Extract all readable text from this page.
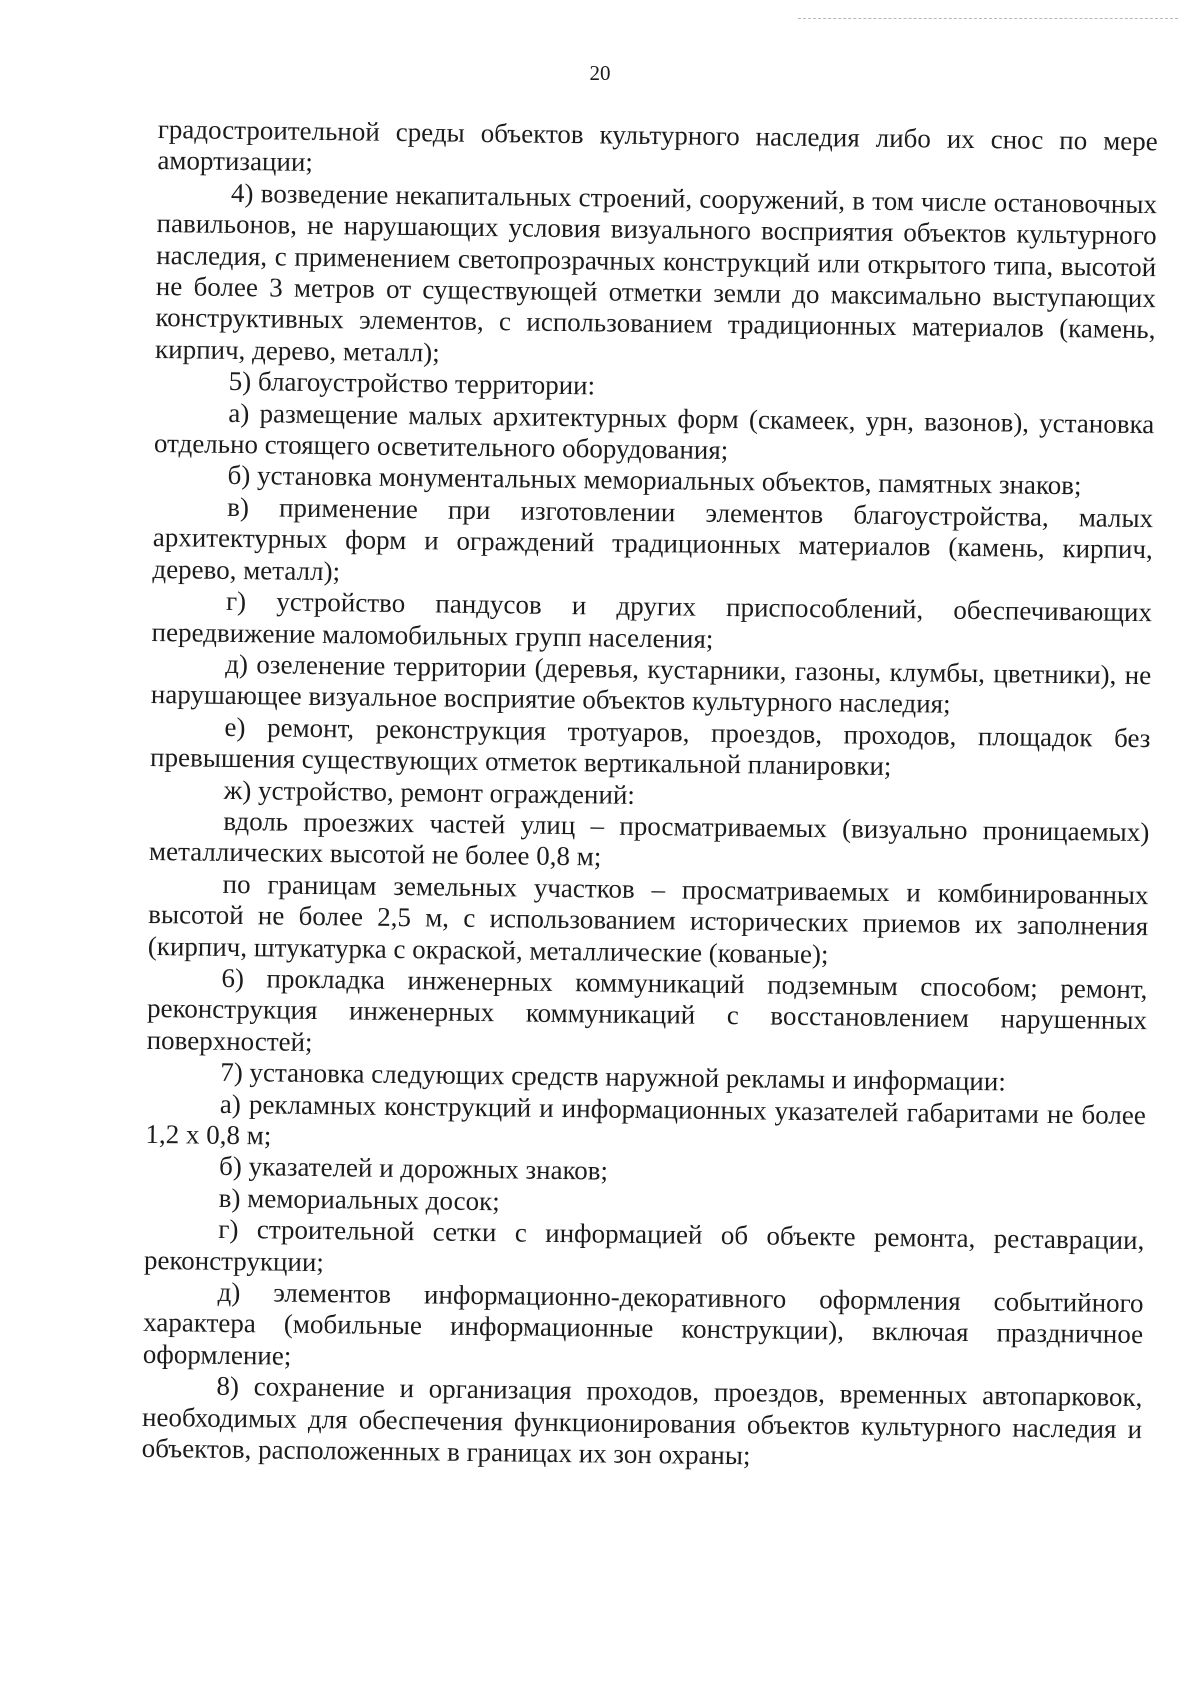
20

градостроительной среды объектов культурного наследия либо их снос по мере амортизации;

4) возведение некапитальных строений, сооружений, в том числе остановочных павильонов, не нарушающих условия визуального восприятия объектов культурного наследия, с применением светопрозрачных конструкций или открытого типа, высотой не более 3 метров от существующей отметки земли до максимально выступающих конструктивных элементов, с использованием традиционных материалов (камень, кирпич, дерево, металл);

5) благоустройство территории:

а) размещение малых архитектурных форм (скамеек, урн, вазонов), установка отдельно стоящего осветительного оборудования;

б) установка монументальных мемориальных объектов, памятных знаков;

в) применение при изготовлении элементов благоустройства, малых архитектурных форм и ограждений традиционных материалов (камень, кирпич, дерево, металл);

г) устройство пандусов и других приспособлений, обеспечивающих передвижение маломобильных групп населения;

д) озеленение территории (деревья, кустарники, газоны, клумбы, цветники), не нарушающее визуальное восприятие объектов культурного наследия;

е) ремонт, реконструкция тротуаров, проездов, проходов, площадок без превышения существующих отметок вертикальной планировки;

ж) устройство, ремонт ограждений:

вдоль проезжих частей улиц – просматриваемых (визуально проницаемых) металлических высотой не более 0,8 м;

по границам земельных участков – просматриваемых и комбинированных высотой не более 2,5 м, с использованием исторических приемов их заполнения (кирпич, штукатурка с окраской, металлические (кованые);

6) прокладка инженерных коммуникаций подземным способом; ремонт, реконструкция инженерных коммуникаций с восстановлением нарушенных поверхностей;

7) установка следующих средств наружной рекламы и информации:

а) рекламных конструкций и информационных указателей габаритами не более 1,2 х 0,8 м;

б) указателей и дорожных знаков;

в) мемориальных досок;

г) строительной сетки с информацией об объекте ремонта, реставрации, реконструкции;

д) элементов информационно-декоративного оформления событийного характера (мобильные информационные конструкции), включая праздничное оформление;

8) сохранение и организация проходов, проездов, временных автопарковок, необходимых для обеспечения функционирования объектов культурного наследия и объектов, расположенных в границах их зон охраны;
